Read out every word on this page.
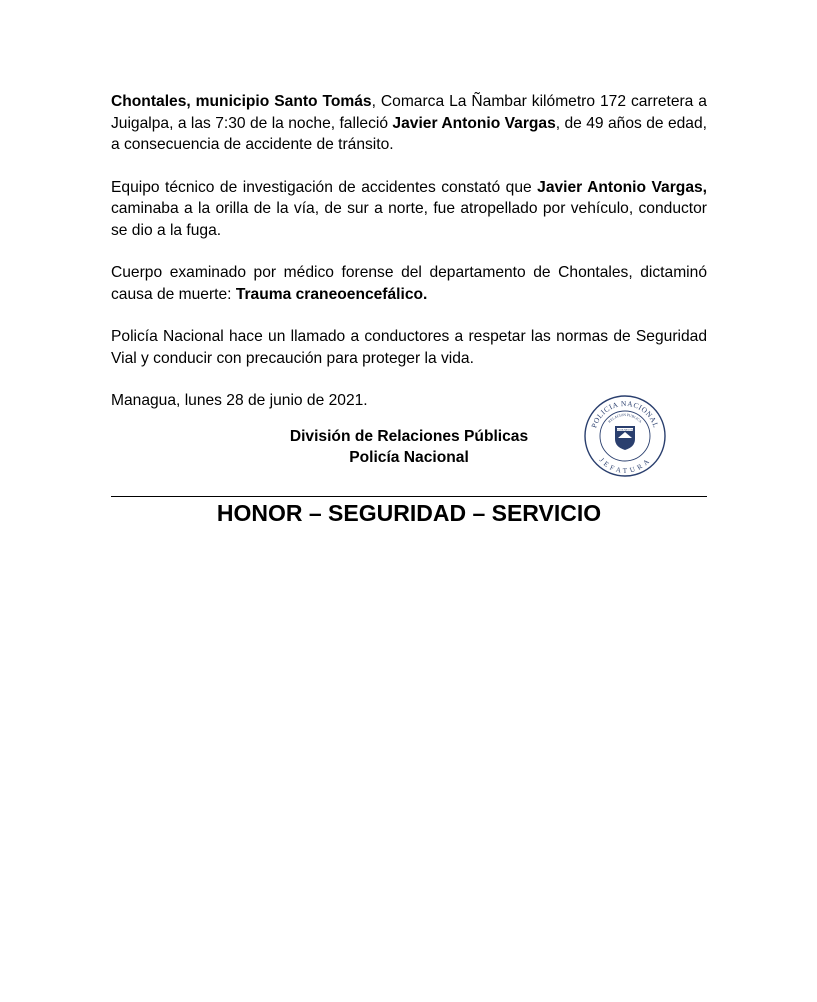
Chontales, municipio Santo Tomás, Comarca La Ñambar kilómetro 172 carretera a Juigalpa, a las 7:30 de la noche, falleció Javier Antonio Vargas, de 49 años de edad, a consecuencia de accidente de tránsito.

Equipo técnico de investigación de accidentes constató que Javier Antonio Vargas, caminaba a la orilla de la vía, de sur a norte, fue atropellado por vehículo, conductor se dio a la fuga.

Cuerpo examinado por médico forense del departamento de Chontales, dictaminó causa de muerte: Trauma craneoencefálico.

Policía Nacional hace un llamado a conductores a respetar las normas de Seguridad Vial y conducir con precaución para proteger la vida.

Managua, lunes 28 de junio de 2021.

División de Relaciones Públicas
Policía Nacional
POLICIA NACIONAL
RELACION PUBLICA
JEFATURA
POLICIA NACIONAL
HONOR – SEGURIDAD – SERVICIO
